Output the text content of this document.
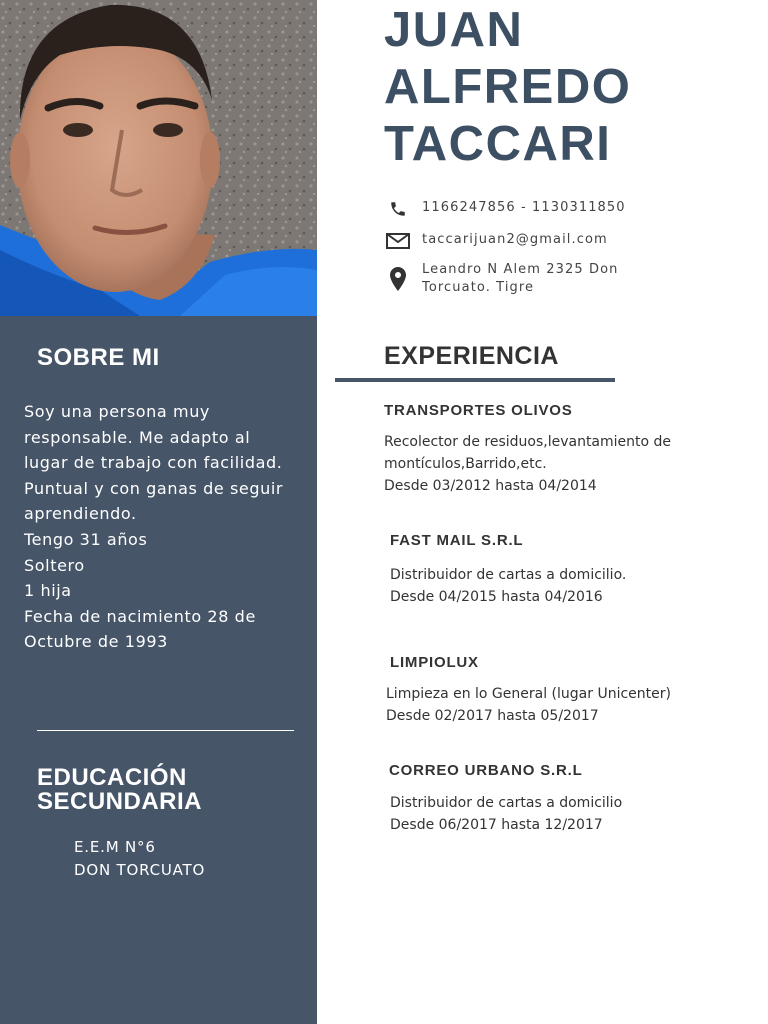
SOBRE MI
Soy una persona muy
responsable. Me adapto al
lugar de trabajo con facilidad.
Puntual y con ganas de seguir
aprendiendo.
Tengo 31 años
Soltero
1 hija
Fecha de nacimiento 28 de
Octubre de 1993
EDUCACIÓN
SECUNDARIA
E.E.M N°6
DON TORCUATO
JUAN
ALFREDO
TACCARI
1166247856 - 1130311850
taccarijuan2@gmail.com
Leandro N Alem 2325 Don
Torcuato. Tigre
EXPERIENCIA

TRANSPORTES OLIVOS

Recolector de residuos,levantamiento de
montículos,Barrido,etc.
Desde 03/2012 hasta 04/2014

FAST MAIL S.R.L

Distribuidor de cartas a domicilio.
Desde 04/2015 hasta 04/2016

LIMPIOLUX

Limpieza en lo General (lugar Unicenter)
Desde 02/2017 hasta 05/2017

CORREO URBANO S.R.L

Distribuidor de cartas a domicilio
Desde 06/2017 hasta 12/2017
